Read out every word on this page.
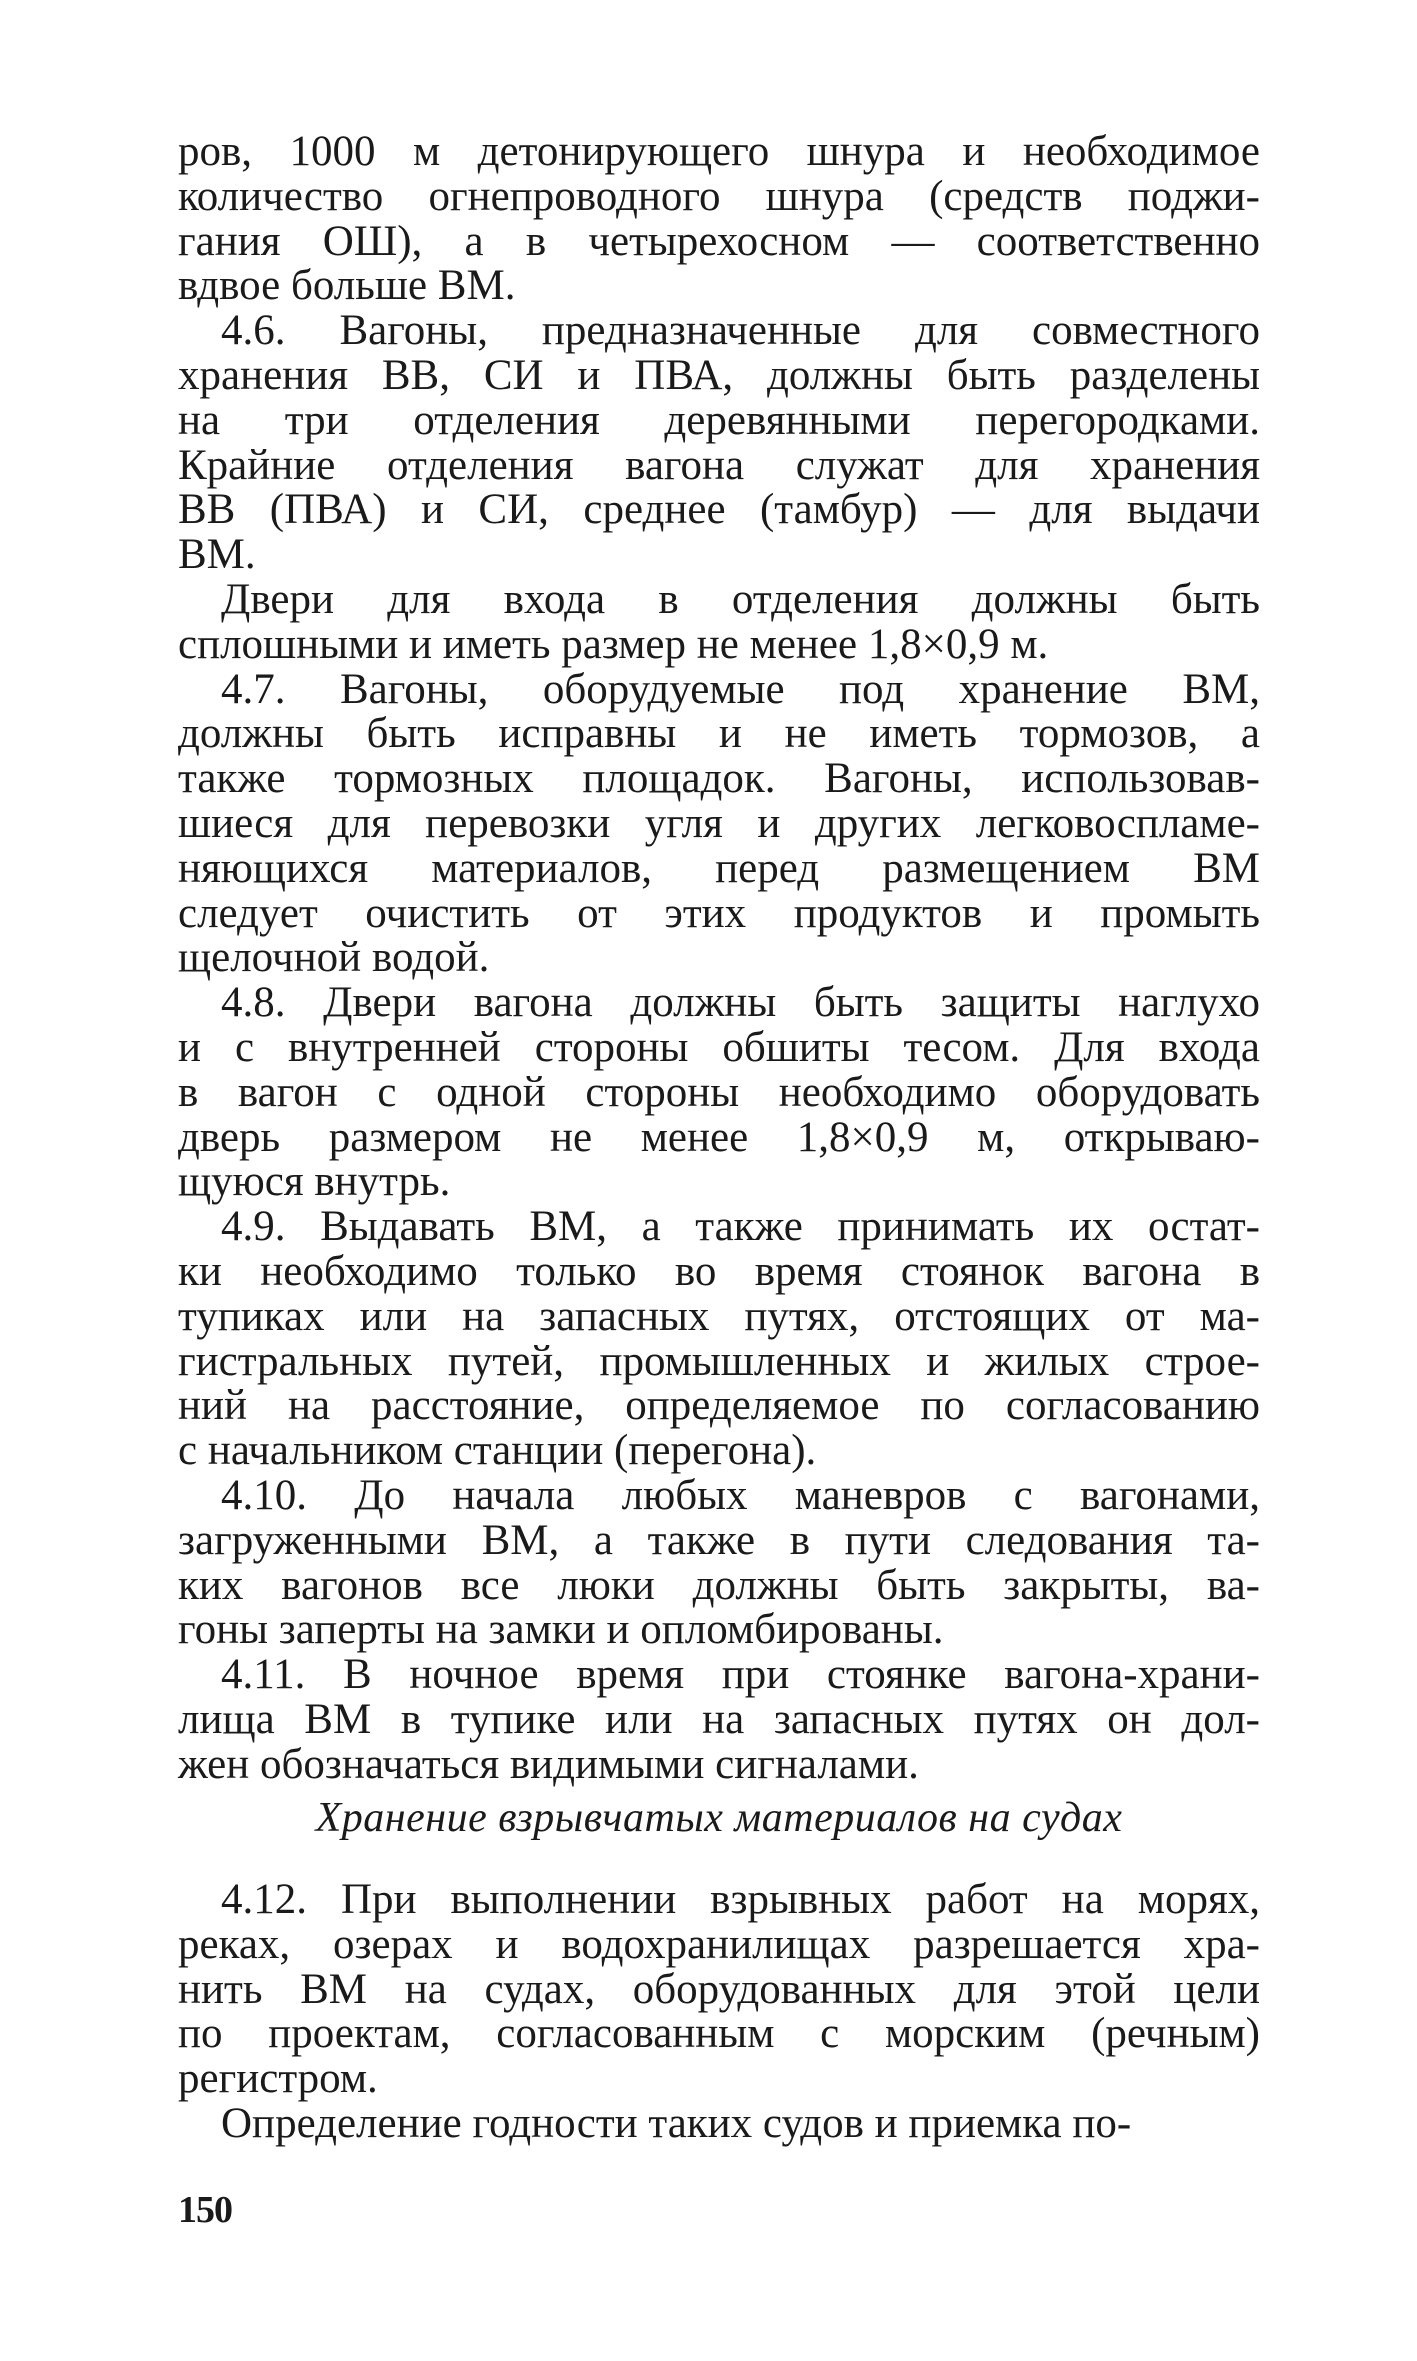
ров, 1000 м детонирующего шнура и необходимое
количество огнепроводного шнура (средств поджи-
гания ОШ), а в четырехосном — соответственно
вдвое больше ВМ.
4.6. Вагоны, предназначенные для совместного
хранения ВВ, СИ и ПВА, должны быть разделены
на три отделения деревянными перегородками.
Крайние отделения вагона служат для хранения
ВВ (ПВА) и СИ, среднее (тамбур) — для выдачи
ВМ.
Двери для входа в отделения должны быть
сплошными и иметь размер не менее 1,8×0,9 м.
4.7. Вагоны, оборудуемые под хранение ВМ,
должны быть исправны и не иметь тормозов, а
также тормозных площадок. Вагоны, использовав-
шиеся для перевозки угля и других легковоспламе-
няющихся материалов, перед размещением ВМ
следует очистить от этих продуктов и промыть
щелочной водой.
4.8. Двери вагона должны быть защиты наглухо
и с внутренней стороны обшиты тесом. Для входа
в вагон с одной стороны необходимо оборудовать
дверь размером не менее 1,8×0,9 м, открываю-
щуюся внутрь.
4.9. Выдавать ВМ, а также принимать их остат-
ки необходимо только во время стоянок вагона в
тупиках или на запасных путях, отстоящих от ма-
гистральных путей, промышленных и жилых строе-
ний на расстояние, определяемое по согласованию
с начальником станции (перегона).
4.10. До начала любых маневров с вагонами,
загруженными ВМ, а также в пути следования та-
ких вагонов все люки должны быть закрыты, ва-
гоны заперты на замки и опломбированы.
4.11. В ночное время при стоянке вагона-храни-
лища ВМ в тупике или на запасных путях он дол-
жен обозначаться видимыми сигналами.
Хранение взрывчатых материалов на судах
4.12. При выполнении взрывных работ на морях,
реках, озерах и водохранилищах разрешается хра-
нить ВМ на судах, оборудованных для этой цели
по проектам, согласованным с морским (речным)
регистром.
Определение годности таких судов и приемка по-
150
